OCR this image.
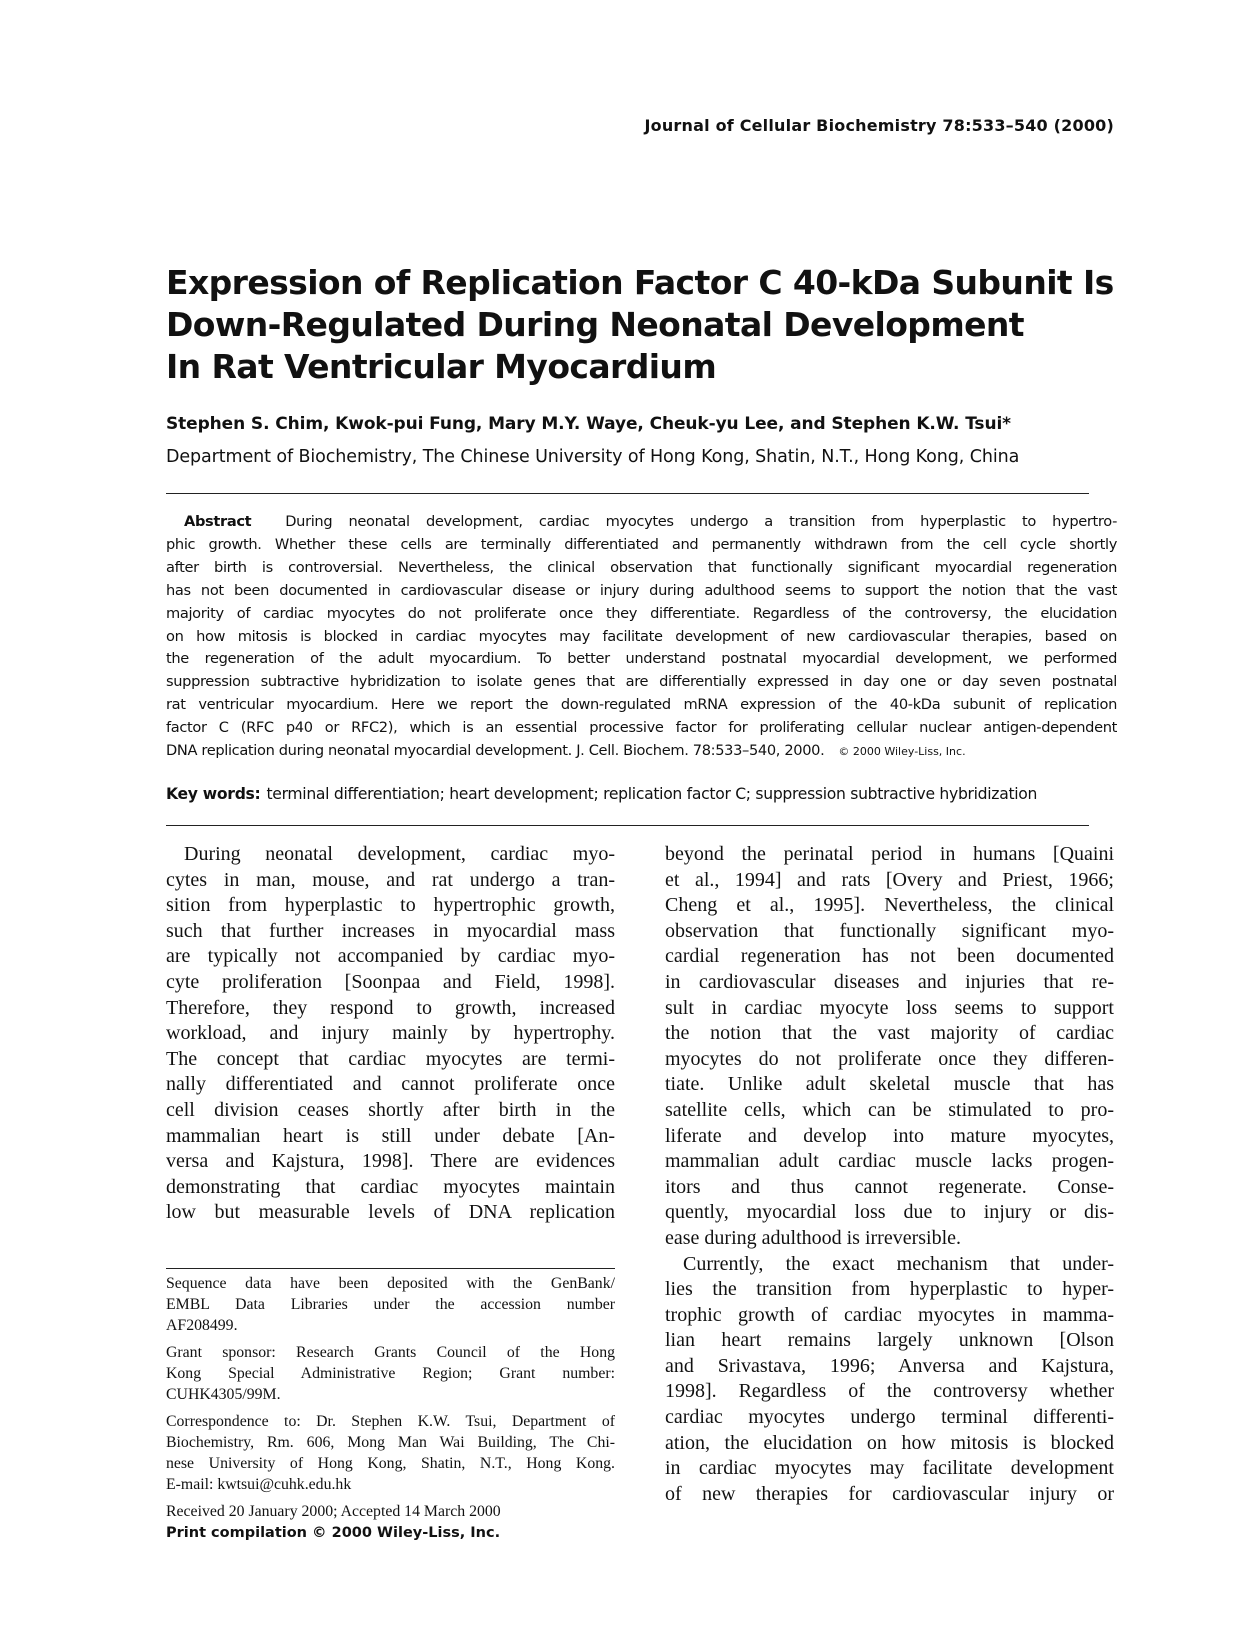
Journal of Cellular Biochemistry 78:533–540 (2000)
Expression of Replication Factor C 40-kDa Subunit Is
Down-Regulated During Neonatal Development
In Rat Ventricular Myocardium
Stephen S. Chim, Kwok-pui Fung, Mary M.Y. Waye, Cheuk-yu Lee, and Stephen K.W. Tsui*
Department of Biochemistry, The Chinese University of Hong Kong, Shatin, N.T., Hong Kong, China
Abstract During neonatal development, cardiac myocytes undergo a transition from hyperplastic to hypertro-
phic growth. Whether these cells are terminally differentiated and permanently withdrawn from the cell cycle shortly
after birth is controversial. Nevertheless, the clinical observation that functionally significant myocardial regeneration
has not been documented in cardiovascular disease or injury during adulthood seems to support the notion that the vast
majority of cardiac myocytes do not proliferate once they differentiate. Regardless of the controversy, the elucidation
on how mitosis is blocked in cardiac myocytes may facilitate development of new cardiovascular therapies, based on
the regeneration of the adult myocardium. To better understand postnatal myocardial development, we performed
suppression subtractive hybridization to isolate genes that are differentially expressed in day one or day seven postnatal
rat ventricular myocardium. Here we report the down-regulated mRNA expression of the 40-kDa subunit of replication
factor C (RFC p40 or RFC2), which is an essential processive factor for proliferating cellular nuclear antigen-dependent
DNA replication during neonatal myocardial development. J. Cell. Biochem. 78:533–540, 2000. © 2000 Wiley-Liss, Inc.
Key words: terminal differentiation; heart development; replication factor C; suppression subtractive hybridization
During neonatal development, cardiac myo-
cytes in man, mouse, and rat undergo a tran-
sition from hyperplastic to hypertrophic growth,
such that further increases in myocardial mass
are typically not accompanied by cardiac myo-
cyte proliferation [Soonpaa and Field, 1998].
Therefore, they respond to growth, increased
workload, and injury mainly by hypertrophy.
The concept that cardiac myocytes are termi-
nally differentiated and cannot proliferate once
cell division ceases shortly after birth in the
mammalian heart is still under debate [An-
versa and Kajstura, 1998]. There are evidences
demonstrating that cardiac myocytes maintain
low but measurable levels of DNA replication
beyond the perinatal period in humans [Quaini
et al., 1994] and rats [Overy and Priest, 1966;
Cheng et al., 1995]. Nevertheless, the clinical
observation that functionally significant myo-
cardial regeneration has not been documented
in cardiovascular diseases and injuries that re-
sult in cardiac myocyte loss seems to support
the notion that the vast majority of cardiac
myocytes do not proliferate once they differen-
tiate. Unlike adult skeletal muscle that has
satellite cells, which can be stimulated to pro-
liferate and develop into mature myocytes,
mammalian adult cardiac muscle lacks progen-
itors and thus cannot regenerate. Conse-
quently, myocardial loss due to injury or dis-
ease during adulthood is irreversible.
Currently, the exact mechanism that under-
lies the transition from hyperplastic to hyper-
trophic growth of cardiac myocytes in mamma-
lian heart remains largely unknown [Olson
and Srivastava, 1996; Anversa and Kajstura,
1998]. Regardless of the controversy whether
cardiac myocytes undergo terminal differenti-
ation, the elucidation on how mitosis is blocked
in cardiac myocytes may facilitate development
of new therapies for cardiovascular injury or
Sequence data have been deposited with the GenBank/
EMBL Data Libraries under the accession number
AF208499.
Grant sponsor: Research Grants Council of the Hong
Kong Special Administrative Region; Grant number:
CUHK4305/99M.
Correspondence to: Dr. Stephen K.W. Tsui, Department of
Biochemistry, Rm. 606, Mong Man Wai Building, The Chi-
nese University of Hong Kong, Shatin, N.T., Hong Kong.
E-mail: kwtsui@cuhk.edu.hk
Received 20 January 2000; Accepted 14 March 2000
Print compilation © 2000 Wiley-Liss, Inc.
